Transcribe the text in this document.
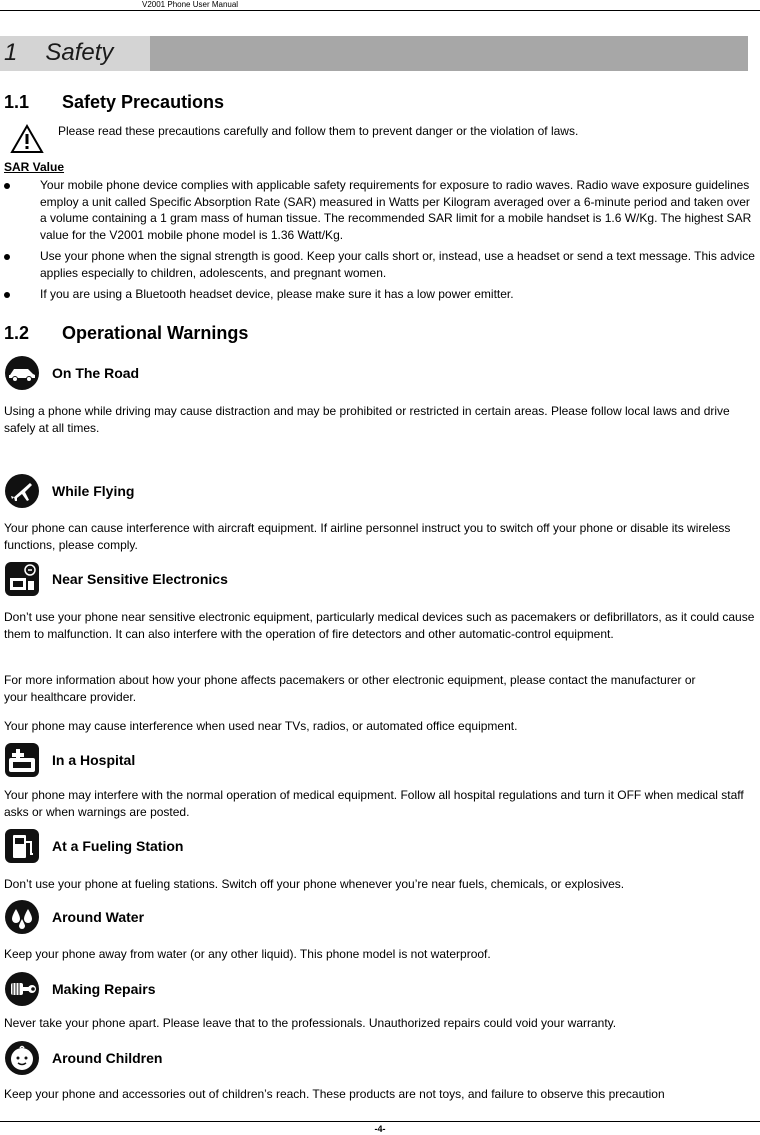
V2001 Phone User Manual
1 Safety
1.1 Safety Precautions
Please read these precautions carefully and follow them to prevent danger or the violation of laws.
SAR Value
Your mobile phone device complies with applicable safety requirements for exposure to radio waves. Radio wave exposure guidelines employ a unit called Specific Absorption Rate (SAR) measured in Watts per Kilogram averaged over a 6-minute period and taken over a volume containing a 1 gram mass of human tissue. The recommended SAR limit for a mobile handset is 1.6 W/Kg. The highest SAR value for the V2001 mobile phone model is 1.36 Watt/Kg.
Use your phone when the signal strength is good. Keep your calls short or, instead, use a headset or send a text message. This advice applies especially to children, adolescents, and pregnant women.
If you are using a Bluetooth headset device, please make sure it has a low power emitter.
1.2 Operational Warnings
On The Road
Using a phone while driving may cause distraction and may be prohibited or restricted in certain areas. Please follow local laws and drive safely at all times.
While Flying
Your phone can cause interference with aircraft equipment. If airline personnel instruct you to switch off your phone or disable its wireless functions, please comply.
Near Sensitive Electronics
Don’t use your phone near sensitive electronic equipment, particularly medical devices such as pacemakers or defibrillators, as it could cause them to malfunction. It can also interfere with the operation of fire detectors and other automatic-control equipment.
For more information about how your phone affects pacemakers or other electronic equipment, please contact the manufacturer or your healthcare provider.
Your phone may cause interference when used near TVs, radios, or automated office equipment.
In a Hospital
Your phone may interfere with the normal operation of medical equipment. Follow all hospital regulations and turn it OFF when medical staff asks or when warnings are posted.
At a Fueling Station
Don’t use your phone at fueling stations. Switch off your phone whenever you’re near fuels, chemicals, or explosives.
Around Water
Keep your phone away from water (or any other liquid). This phone model is not waterproof.
Making Repairs
Never take your phone apart. Please leave that to the professionals. Unauthorized repairs could void your warranty.
Around Children
Keep your phone and accessories out of children’s reach. These products are not toys, and failure to observe this precaution
-4-
